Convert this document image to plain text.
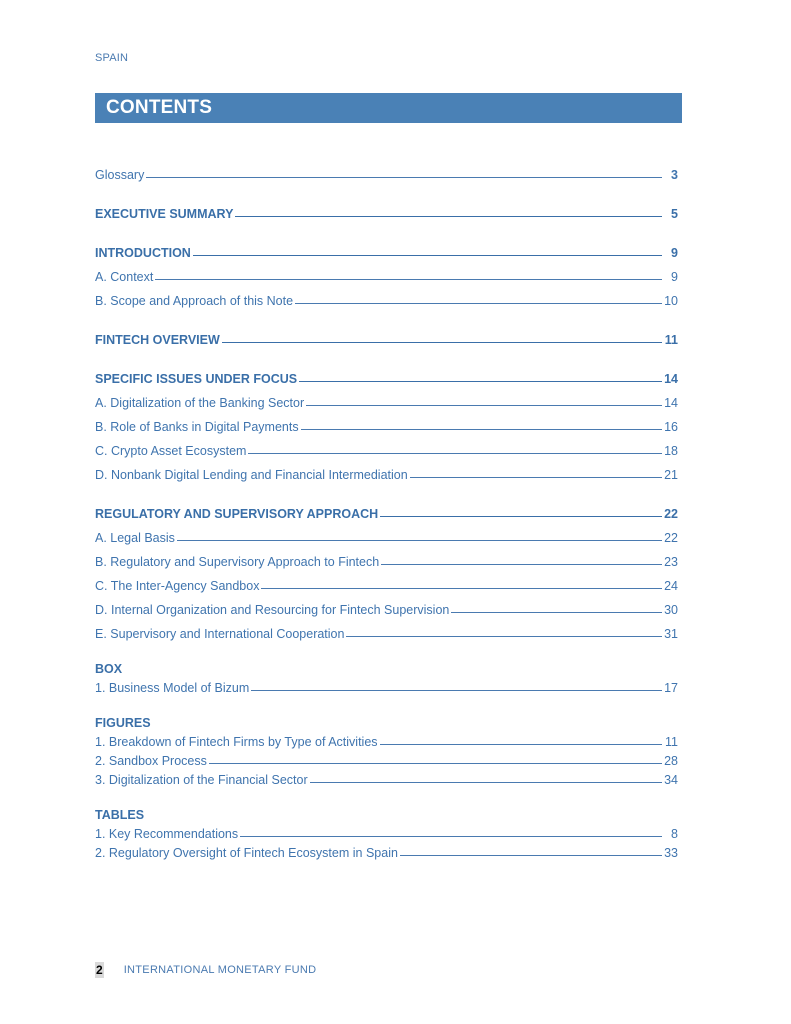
SPAIN
CONTENTS
Glossary	3
EXECUTIVE SUMMARY	5
INTRODUCTION	9
A. Context	9
B. Scope and Approach of this Note	10
FINTECH OVERVIEW	11
SPECIFIC ISSUES UNDER FOCUS	14
A. Digitalization of the Banking Sector	14
B. Role of Banks in Digital Payments	16
C. Crypto Asset Ecosystem	18
D. Nonbank Digital Lending and Financial Intermediation	21
REGULATORY AND SUPERVISORY APPROACH	22
A. Legal Basis	22
B. Regulatory and Supervisory Approach to Fintech	23
C. The Inter-Agency Sandbox	24
D. Internal Organization and Resourcing for Fintech Supervision	30
E. Supervisory and International Cooperation	31
BOX
1. Business Model of Bizum	17
FIGURES
1. Breakdown of Fintech Firms by Type of Activities	11
2. Sandbox Process	28
3. Digitalization of the Financial Sector	34
TABLES
1. Key Recommendations	8
2. Regulatory Oversight of Fintech Ecosystem in Spain	33
2 INTERNATIONAL MONETARY FUND
